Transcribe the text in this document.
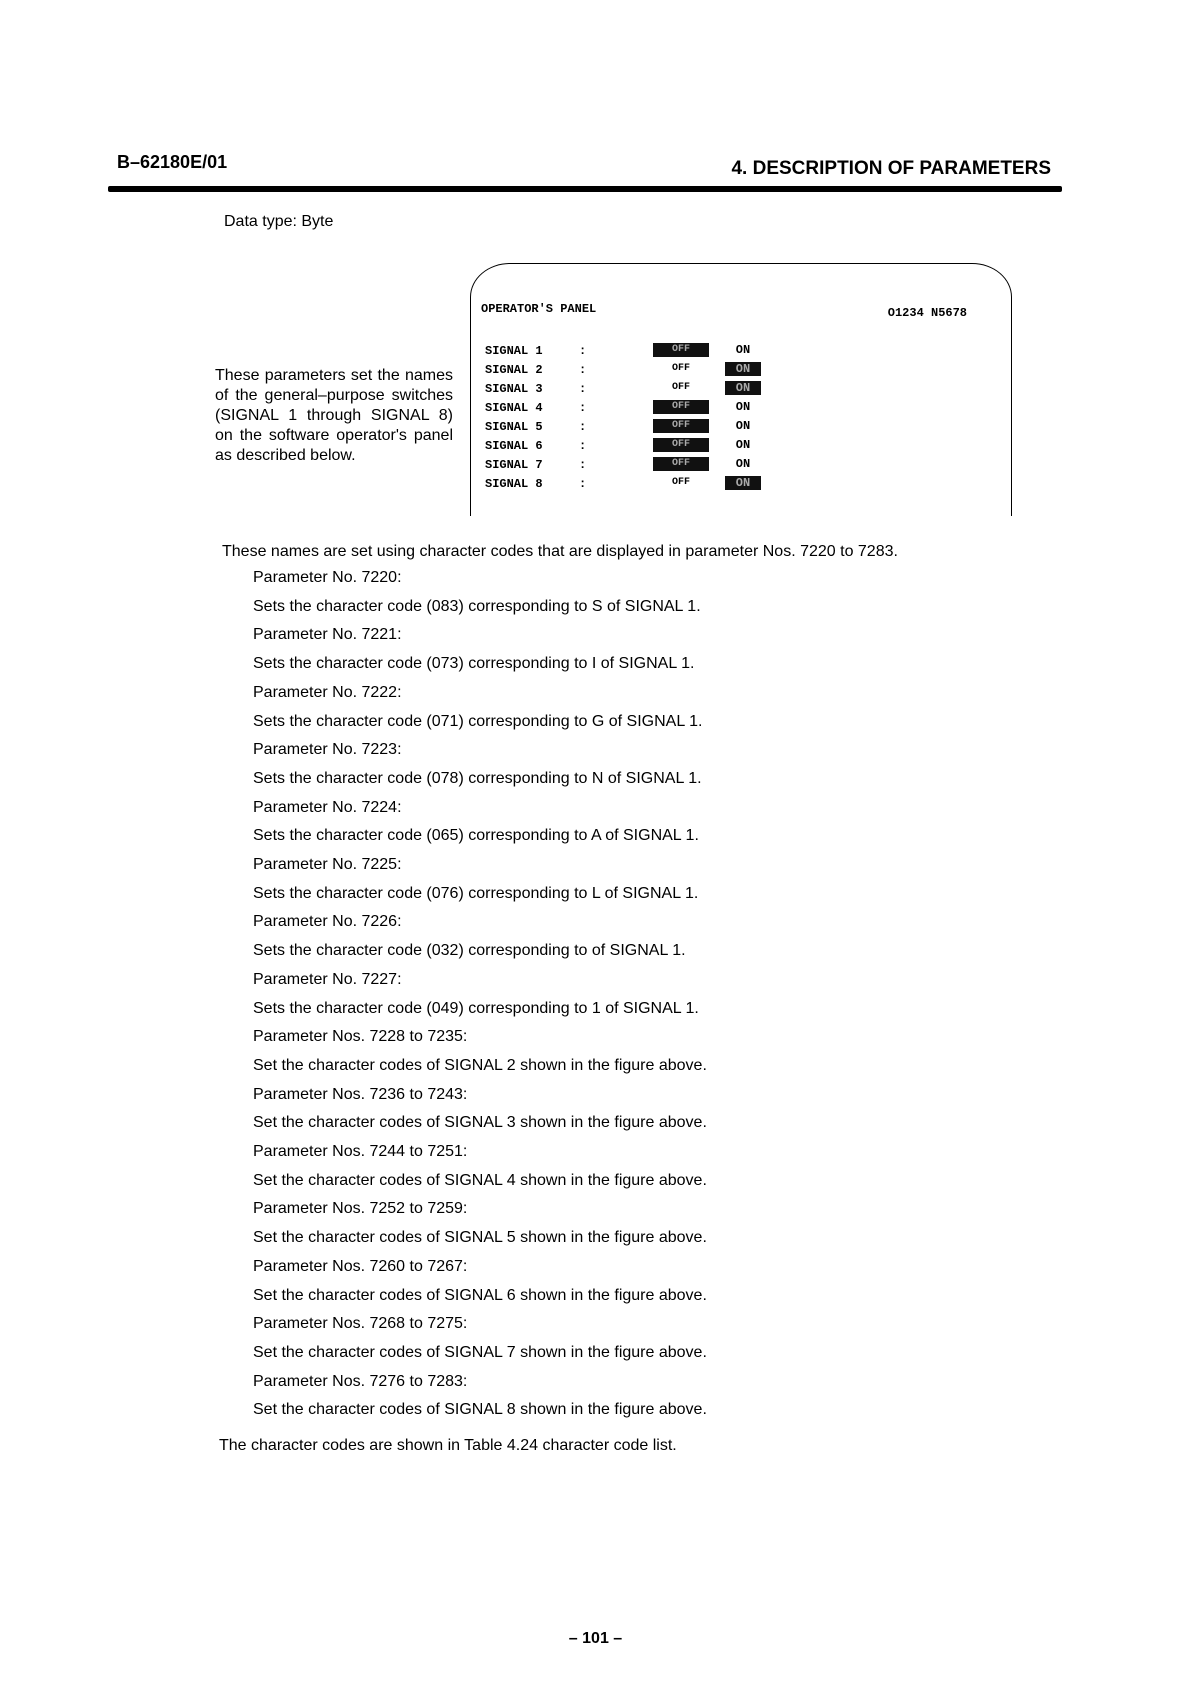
B–62180E/01	4. DESCRIPTION OF PARAMETERS
Data type: Byte
These parameters set the names of the general–purpose switches (SIGNAL 1 through SIGNAL 8) on the software operator's panel as described below.
OPERATOR'S PANEL	O1234 N5678
SIGNAL 1	:	OFF	ON
SIGNAL 2	:	OFF	ON
SIGNAL 3	:	OFF	ON
SIGNAL 4	:	OFF	ON
SIGNAL 5	:	OFF	ON
SIGNAL 6	:	OFF	ON
SIGNAL 7	:	OFF	ON
SIGNAL 8	:	OFF	ON
These names are set using character codes that are displayed in parameter Nos. 7220 to 7283.
Parameter No. 7220:
Sets the character code (083) corresponding to S of SIGNAL 1.
Parameter No. 7221:
Sets the character code (073) corresponding to I of SIGNAL 1.
Parameter No. 7222:
Sets the character code (071) corresponding to G of SIGNAL 1.
Parameter No. 7223:
Sets the character code (078) corresponding to N of SIGNAL 1.
Parameter No. 7224:
Sets the character code (065) corresponding to A of SIGNAL 1.
Parameter No. 7225:
Sets the character code (076) corresponding to L of SIGNAL 1.
Parameter No. 7226:
Sets the character code (032) corresponding to of SIGNAL 1.
Parameter No. 7227:
Sets the character code (049) corresponding to 1 of SIGNAL 1.
Parameter Nos. 7228 to 7235:
Set the character codes of SIGNAL 2 shown in the figure above.
Parameter Nos. 7236 to 7243:
Set the character codes of SIGNAL 3 shown in the figure above.
Parameter Nos. 7244 to 7251:
Set the character codes of SIGNAL 4 shown in the figure above.
Parameter Nos. 7252 to 7259:
Set the character codes of SIGNAL 5 shown in the figure above.
Parameter Nos. 7260 to 7267:
Set the character codes of SIGNAL 6 shown in the figure above.
Parameter Nos. 7268 to 7275:
Set the character codes of SIGNAL 7 shown in the figure above.
Parameter Nos. 7276 to 7283:
Set the character codes of SIGNAL 8 shown in the figure above.
The character codes are shown in Table 4.24 character code list.
– 101 –
